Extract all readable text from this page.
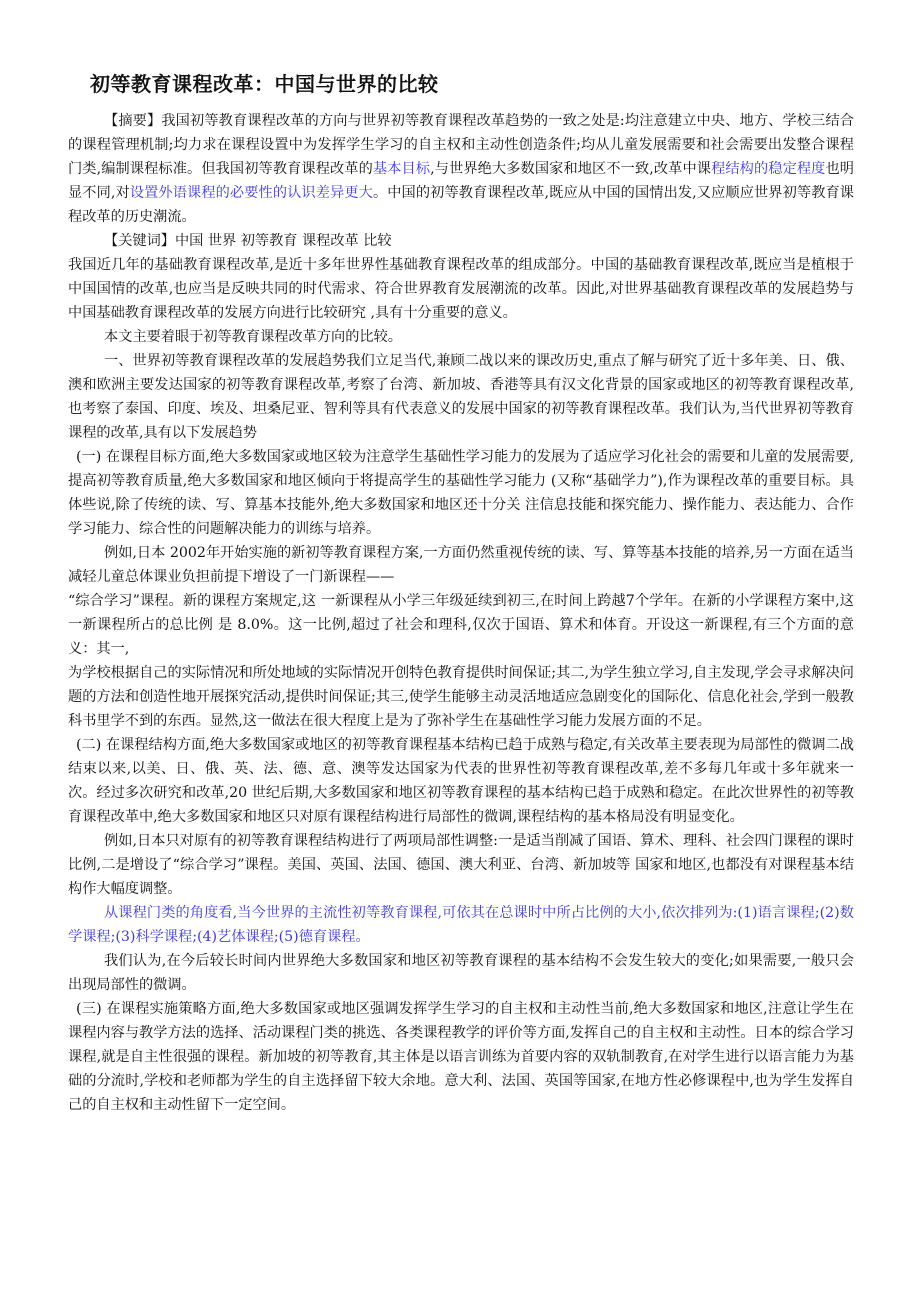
初等教育课程改革：中国与世界的比较

【摘要】我国初等教育课程改革的方向与世界初等教育课程改革趋势的一致之处是:均注意建立中央、地方、学校三结合的课程管理机制;均力求在课程设置中为发挥学生学习的自主权和主动性创造条件;均从儿童发展需要和社会需要出发整合课程门类,编制课程标准。但我国初等教育课程改革的基本目标,与世界绝大多数国家和地区不一致,改革中课程结构的稳定程度也明显不同,对设置外语课程的必要性的认识差异更大。中国的初等教育课程改革,既应从中国的国情出发,又应顺应世界初等教育课程改革的历史潮流。

【关键词】中国 世界 初等教育 课程改革 比较

我国近几年的基础教育课程改革,是近十多年世界性基础教育课程改革的组成部分。中国的基础教育课程改革,既应当是植根于中国国情的改革,也应当是反映共同的时代需求、符合世界教育发展潮流的改革。因此,对世界基础教育课程改革的发展趋势与中国基础教育课程改革的发展方向进行比较研究 ,具有十分重要的意义。

本文主要着眼于初等教育课程改革方向的比较。

一、世界初等教育课程改革的发展趋势我们立足当代,兼顾二战以来的课改历史,重点了解与研究了近十多年美、日、俄、澳和欧洲主要发达国家的初等教育课程改革,考察了台湾、新加坡、香港等具有汉文化背景的国家或地区的初等教育课程改革,也考察了泰国、印度、埃及、坦桑尼亚、智利等具有代表意义的发展中国家的初等教育课程改革。我们认为,当代世界初等教育课程的改革,具有以下发展趋势

(一) 在课程目标方面,绝大多数国家或地区较为注意学生基础性学习能力的发展为了适应学习化社会的需要和儿童的发展需要,提高初等教育质量,绝大多数国家和地区倾向于将提高学生的基础性学习能力 (又称“基础学力”),作为课程改革的重要目标。具体些说,除了传统的读、写、算基本技能外,绝大多数国家和地区还十分关 注信息技能和探究能力、操作能力、表达能力、合作学习能力、综合性的问题解决能力的训练与培养。

例如,日本 2002年开始实施的新初等教育课程方案,一方面仍然重视传统的读、写、算等基本技能的培养,另一方面在适当减轻儿童总体课业负担前提下增设了一门新课程——

“综合学习”课程。新的课程方案规定,这 一新课程从小学三年级延续到初三,在时间上跨越7个学年。在新的小学课程方案中,这一新课程所占的总比例 是 8.0%。这一比例,超过了社会和理科,仅次于国语、算术和体育。开设这一新课程,有三个方面的意义：其一,

为学校根据自己的实际情况和所处地域的实际情况开创特色教育提供时间保证;其二,为学生独立学习,自主发现,学会寻求解决问题的方法和创造性地开展探究活动,提供时间保证;其三,使学生能够主动灵活地适应急剧变化的国际化、信息化社会,学到一般教科书里学不到的东西。显然,这一做法在很大程度上是为了弥补学生在基础性学习能力发展方面的不足。

(二) 在课程结构方面,绝大多数国家或地区的初等教育课程基本结构已趋于成熟与稳定,有关改革主要表现为局部性的微调二战结束以来,以美、日、俄、英、法、德、意、澳等发达国家为代表的世界性初等教育课程改革,差不多每几年或十多年就来一次。经过多次研究和改革,20 世纪后期,大多数国家和地区初等教育课程的基本结构已趋于成熟和稳定。在此次世界性的初等教育课程改革中,绝大多数国家和地区只对原有课程结构进行局部性的微调,课程结构的基本格局没有明显变化。

例如,日本只对原有的初等教育课程结构进行了两项局部性调整:一是适当削减了国语、算术、理科、社会四门课程的课时比例,二是增设了“综合学习”课程。美国、英国、法国、德国、澳大利亚、台湾、新加坡等 国家和地区,也都没有对课程基本结构作大幅度调整。

从课程门类的角度看,当今世界的主流性初等教育课程,可依其在总课时中所占比例的大小,依次排列为:(1)语言课程;(2)数学课程;(3)科学课程;(4)艺体课程;(5)德育课程。

我们认为,在今后较长时间内世界绝大多数国家和地区初等教育课程的基本结构不会发生较大的变化;如果需要,一般只会出现局部性的微调。

(三) 在课程实施策略方面,绝大多数国家或地区强调发挥学生学习的自主权和主动性当前,绝大多数国家和地区,注意让学生在课程内容与教学方法的选择、活动课程门类的挑选、各类课程教学的评价等方面,发挥自己的自主权和主动性。日本的综合学习课程,就是自主性很强的课程。新加坡的初等教育,其主体是以语言训练为首要内容的双轨制教育,在对学生进行以语言能力为基础的分流时,学校和老师都为学生的自主选择留下较大余地。意大利、法国、英国等国家,在地方性必修课程中,也为学生发挥自己的自主权和主动性留下一定空间。
